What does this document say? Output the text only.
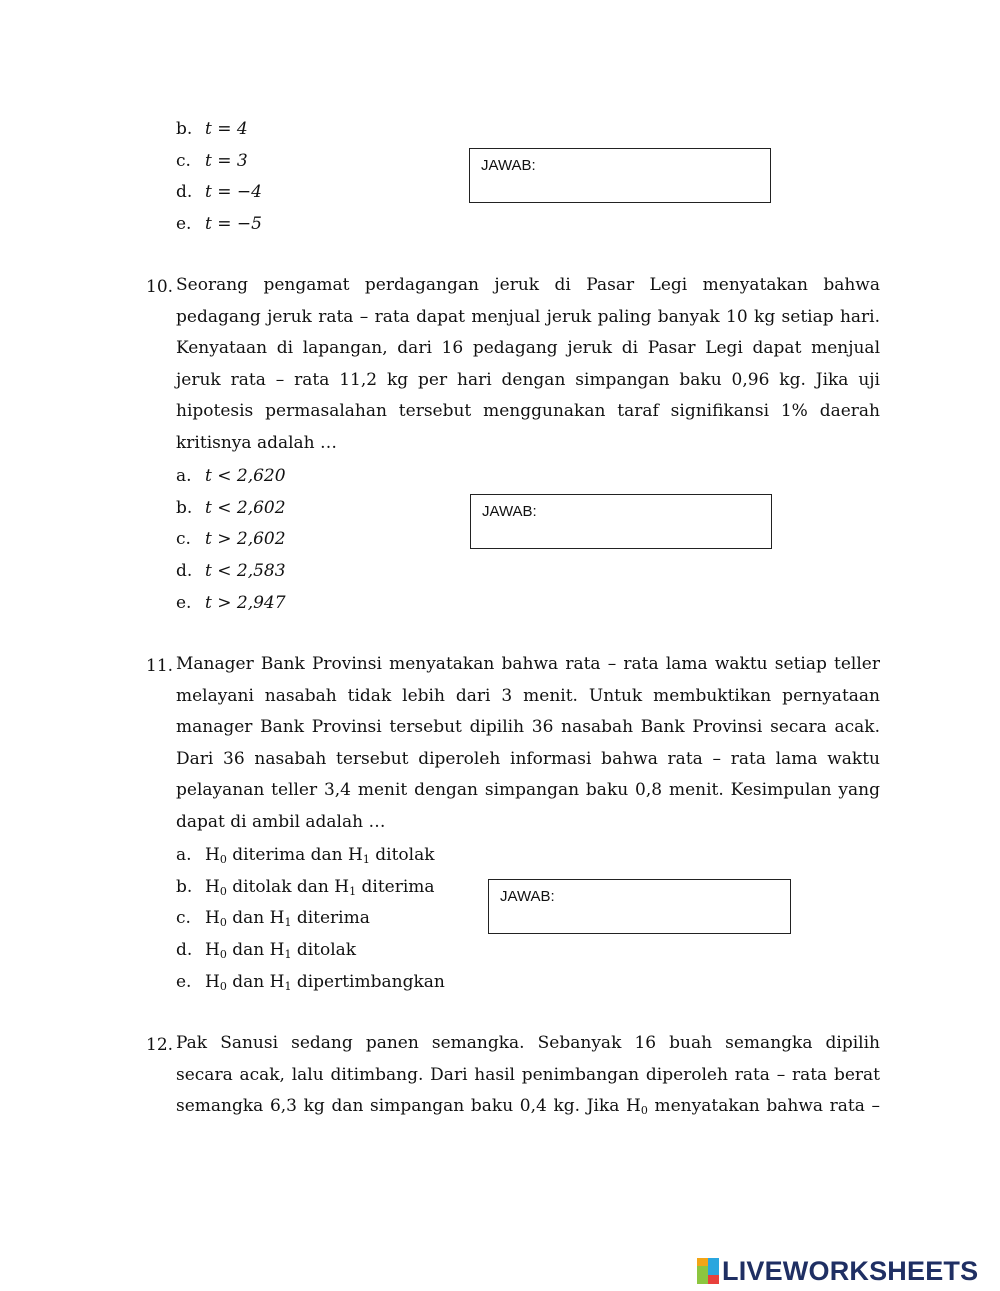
b. t = 4
c. t = 3
d. t = −4
e. t = −5
JAWAB:
10. Seorang pengamat perdagangan jeruk di Pasar Legi menyatakan bahwa
pedagang jeruk rata – rata dapat menjual jeruk paling banyak 10 kg setiap hari.
Kenyataan di lapangan, dari 16 pedagang jeruk di Pasar Legi dapat menjual
jeruk rata – rata 11,2 kg per hari dengan simpangan baku 0,96 kg. Jika uji
hipotesis permasalahan tersebut menggunakan taraf signifikansi 1% daerah
kritisnya adalah …
a. t < 2,620
b. t < 2,602
c. t > 2,602
d. t < 2,583
e. t > 2,947
JAWAB:
11. Manager Bank Provinsi menyatakan bahwa rata – rata lama waktu setiap teller
melayani nasabah tidak lebih dari 3 menit. Untuk membuktikan pernyataan
manager Bank Provinsi tersebut dipilih 36 nasabah Bank Provinsi secara acak.
Dari 36 nasabah tersebut diperoleh informasi bahwa rata – rata lama waktu
pelayanan teller 3,4 menit dengan simpangan baku 0,8 menit. Kesimpulan yang
dapat di ambil adalah …
a. $H_0$ diterima dan $H_1$ ditolak
b. $H_0$ ditolak dan $H_1$ diterima
c. $H_0$ dan $H_1$ diterima
d. $H_0$ dan $H_1$ ditolak
e. $H_0$ dan $H_1$ dipertimbangkan
JAWAB:
12. Pak Sanusi sedang panen semangka. Sebanyak 16 buah semangka dipilih
secara acak, lalu ditimbang. Dari hasil penimbangan diperoleh rata – rata berat
semangka 6,3 kg dan simpangan baku 0,4 kg. Jika $H_0$ menyatakan bahwa rata –
LIVEWORKSHEETS
